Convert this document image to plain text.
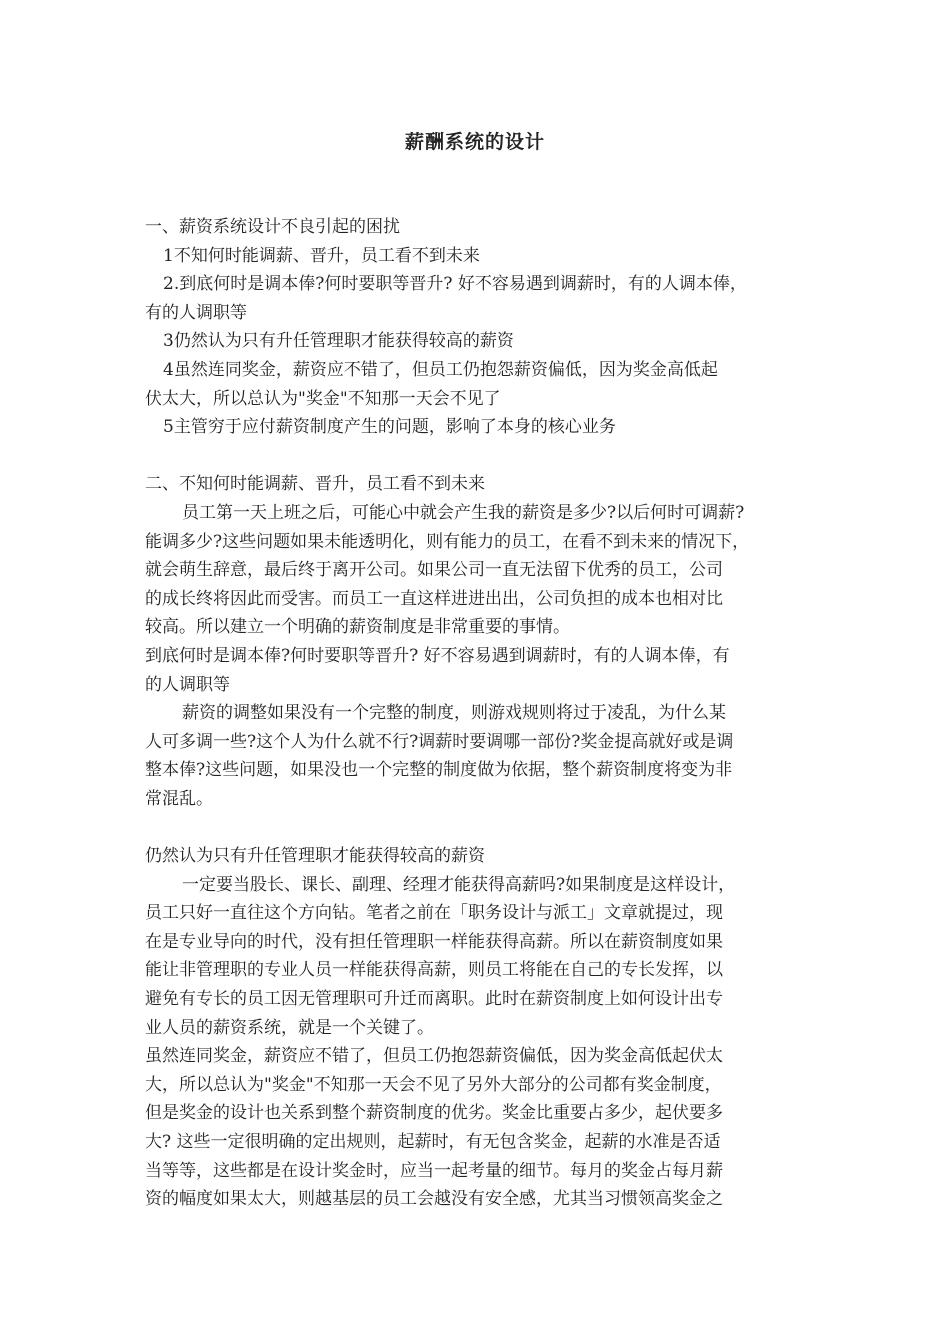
薪酬系统的设计
一、薪资系统设计不良引起的困扰
1不知何时能调薪、晋升，员工看不到未来
2.到底何时是调本俸?何时要职等晋升? 好不容易遇到调薪时，有的人调本俸，
有的人调职等
3仍然认为只有升任管理职才能获得较高的薪资
4虽然连同奖金，薪资应不错了，但员工仍抱怨薪资偏低，因为奖金高低起
伏太大，所以总认为"奖金"不知那一天会不见了
5主管穷于应付薪资制度产生的问题，影响了本身的核心业务
二、不知何时能调薪、晋升，员工看不到未来
员工第一天上班之后，可能心中就会产生我的薪资是多少?以后何时可调薪?
能调多少?这些问题如果未能透明化，则有能力的员工，在看不到未来的情况下，
就会萌生辞意，最后终于离开公司。如果公司一直无法留下优秀的员工，公司
的成长终将因此而受害。而员工一直这样进进出出，公司负担的成本也相对比
较高。所以建立一个明确的薪资制度是非常重要的事情。
到底何时是调本俸?何时要职等晋升? 好不容易遇到调薪时，有的人调本俸，有
的人调职等
薪资的调整如果没有一个完整的制度，则游戏规则将过于凌乱，为什么某
人可多调一些?这个人为什么就不行?调薪时要调哪一部份?奖金提高就好或是调
整本俸?这些问题，如果没也一个完整的制度做为依据，整个薪资制度将变为非
常混乱。
仍然认为只有升任管理职才能获得较高的薪资
一定要当股长、课长、副理、经理才能获得高薪吗?如果制度是这样设计，
员工只好一直往这个方向钻。笔者之前在「职务设计与派工」文章就提过，现
在是专业导向的时代，没有担任管理职一样能获得高薪。所以在薪资制度如果
能让非管理职的专业人员一样能获得高薪，则员工将能在自己的专长发挥，以
避免有专长的员工因无管理职可升迁而离职。此时在薪资制度上如何设计出专
业人员的薪资系统，就是一个关键了。
虽然连同奖金，薪资应不错了，但员工仍抱怨薪资偏低，因为奖金高低起伏太
大，所以总认为"奖金"不知那一天会不见了另外大部分的公司都有奖金制度，
但是奖金的设计也关系到整个薪资制度的优劣。奖金比重要占多少，起伏要多
大? 这些一定很明确的定出规则，起薪时，有无包含奖金，起薪的水准是否适
当等等，这些都是在设计奖金时，应当一起考量的细节。每月的奖金占每月薪
资的幅度如果太大，则越基层的员工会越没有安全感，尤其当习惯领高奖金之
